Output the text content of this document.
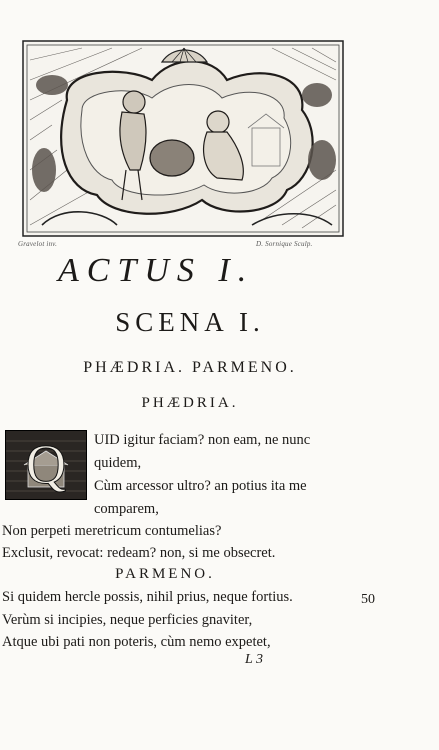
Gravelot inv.	D. Sornique Sculp.
ACTUS I.
SCENA I.
PHÆDRIA. PARMENO.
PHÆDRIA.
Q UID igitur faciam? non eam, ne nunc
quidem,
Cùm arcessor ultro? an potius ita me
comparem,
Non perpeti meretricum contumelias?
Exclusit, revocat: redeam? non, si me obsecret.
PARMENO.
Si quidem hercle possis, nihil prius, neque fortius.
Verùm si incipies, neque perficies gnaviter,
Atque ubi pati non poteris, cùm nemo expetet,
50
L 3
